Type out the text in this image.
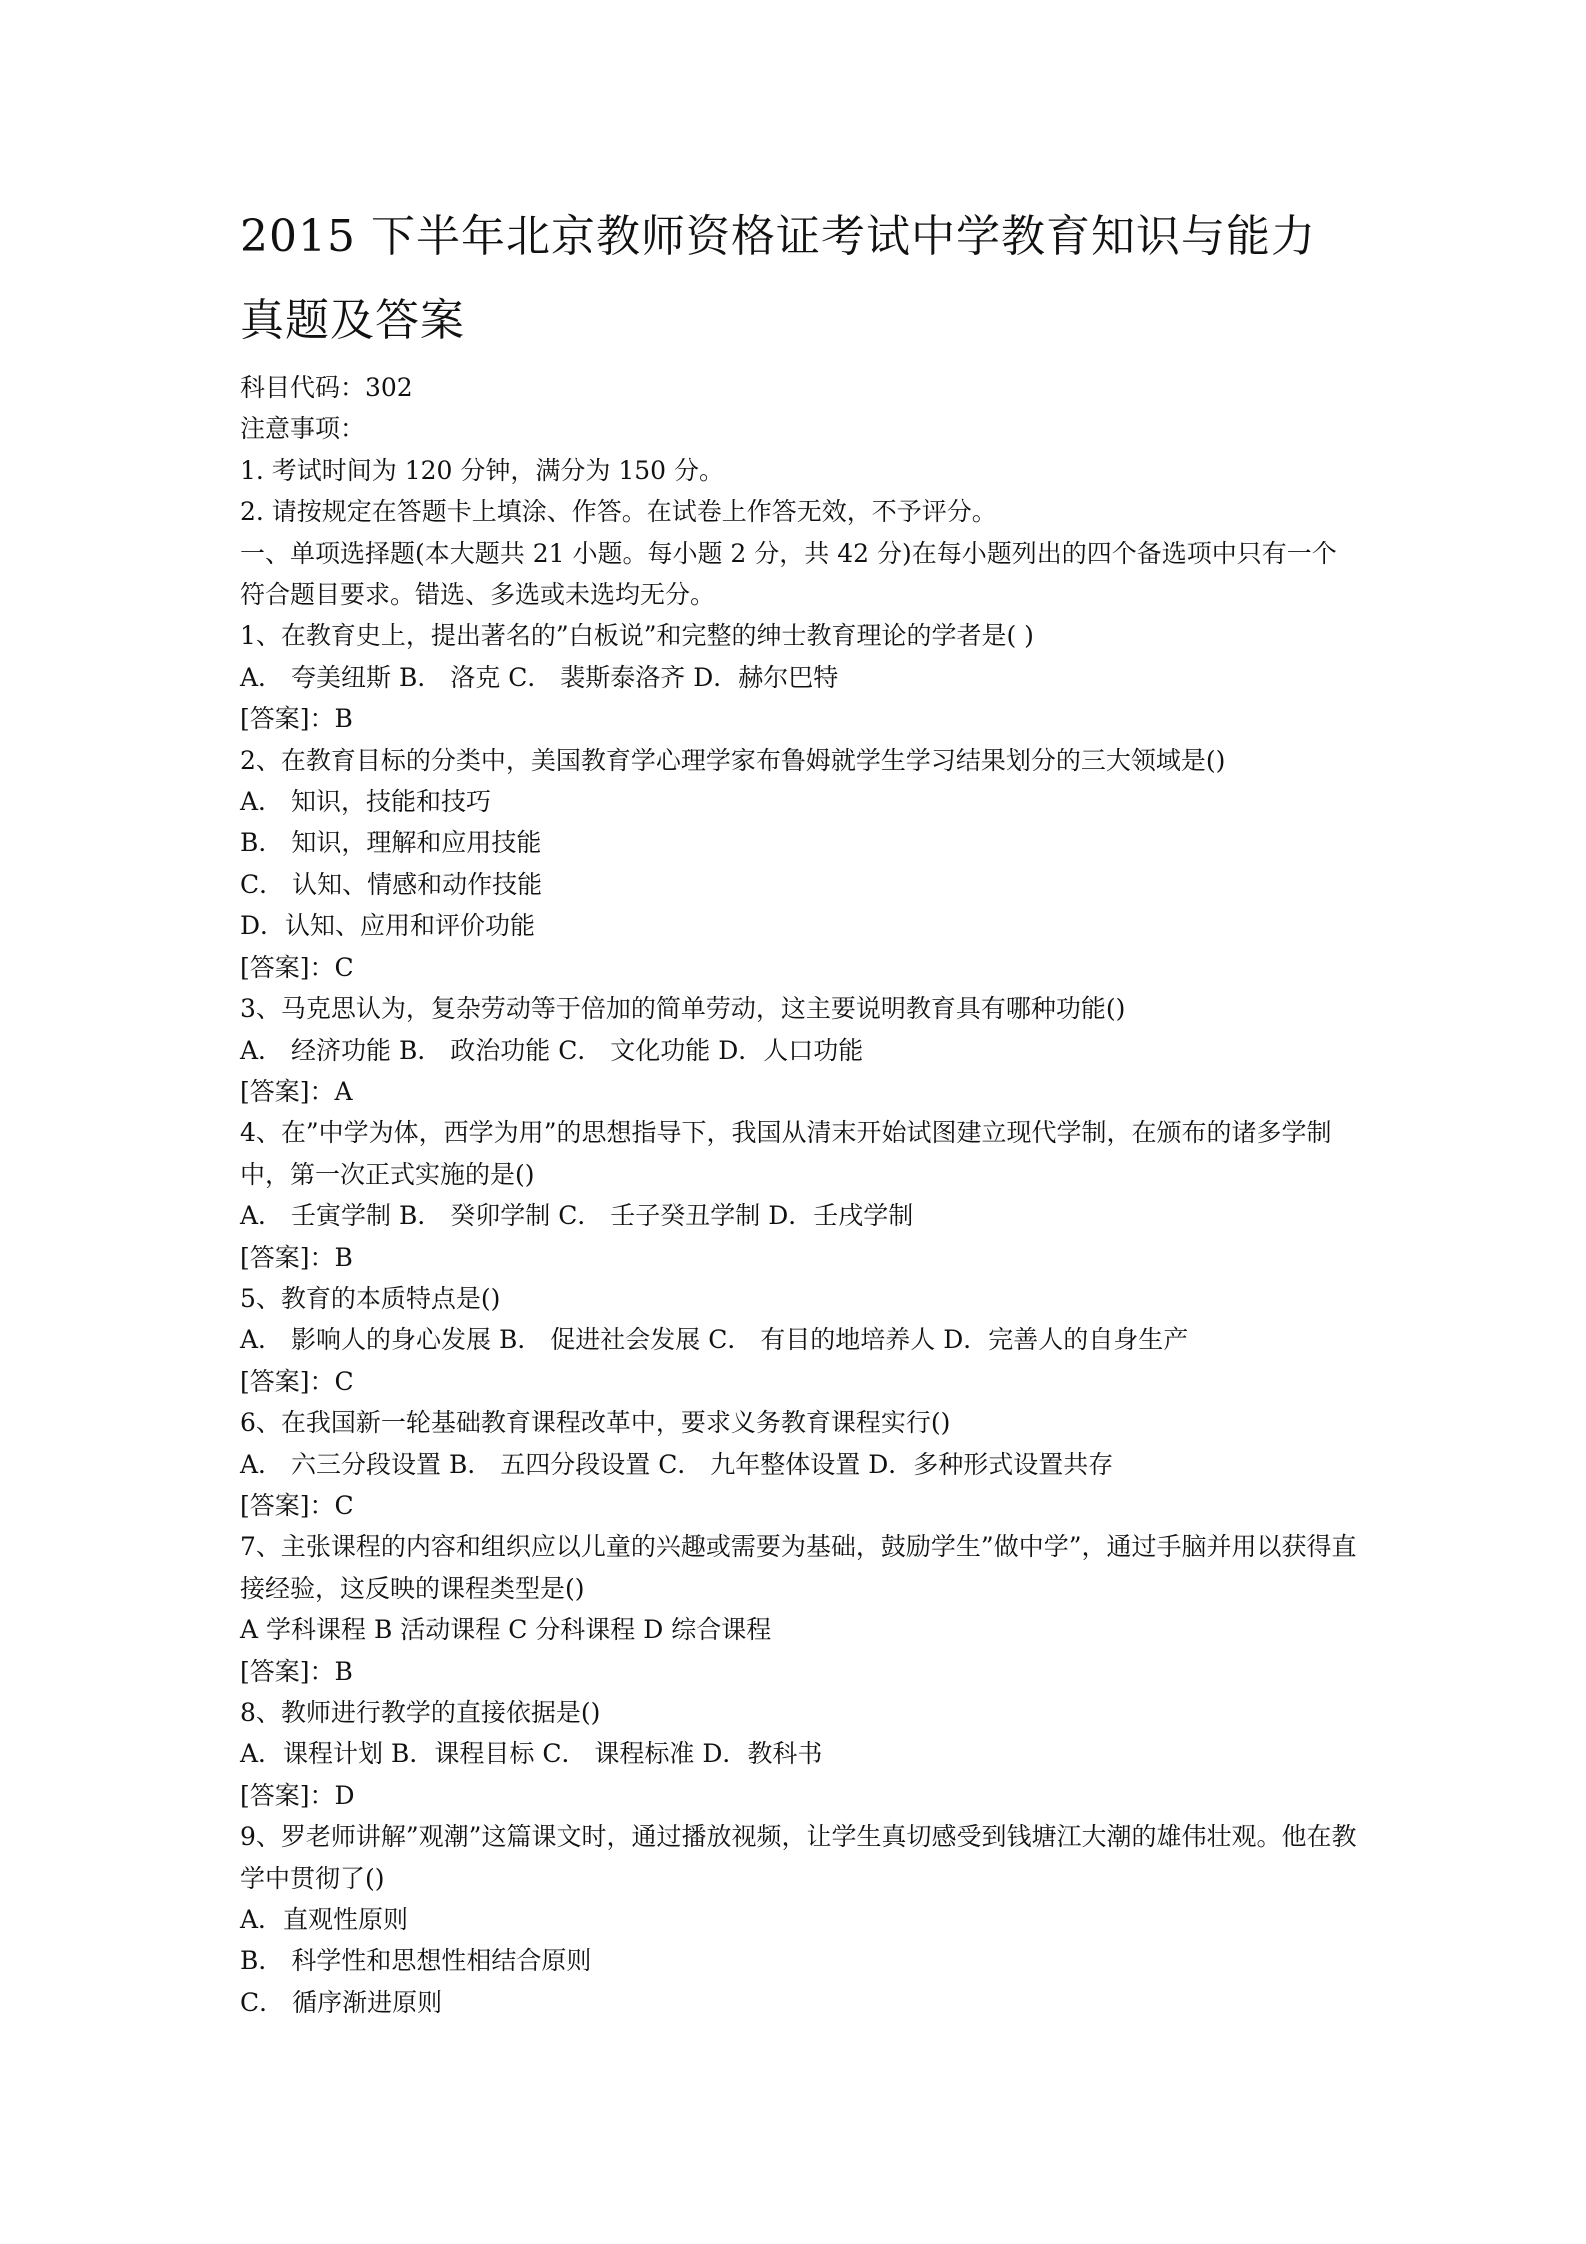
2015 下半年北京教师资格证考试中学教育知识与能力真题及答案

科目代码：302

注意事项：

1. 考试时间为 120 分钟，满分为 150 分。

2. 请按规定在答题卡上填涂、作答。在试卷上作答无效，不予评分。

一、单项选择题(本大题共 21 小题。每小题 2 分，共 42 分)在每小题列出的四个备选项中只有一个符合题目要求。错选、多选或未选均无分。

1、在教育史上，提出著名的”白板说”和完整的绅士教育理论的学者是( )

A． 夸美纽斯 B． 洛克 C． 裴斯泰洛齐 D．赫尔巴特

[答案]：B

2、在教育目标的分类中，美国教育学心理学家布鲁姆就学生学习结果划分的三大领域是()

A． 知识，技能和技巧

B． 知识，理解和应用技能

C． 认知、情感和动作技能

D．认知、应用和评价功能

[答案]：C

3、马克思认为，复杂劳动等于倍加的简单劳动，这主要说明教育具有哪种功能()

A． 经济功能 B． 政治功能 C． 文化功能 D．人口功能

[答案]：A

4、在”中学为体，西学为用”的思想指导下，我国从清末开始试图建立现代学制，在颁布的诸多学制中，第一次正式实施的是()

A． 壬寅学制 B． 癸卯学制 C． 壬子癸丑学制 D．壬戌学制

[答案]：B

5、教育的本质特点是()

A． 影响人的身心发展 B． 促进社会发展 C． 有目的地培养人 D．完善人的自身生产

[答案]：C

6、在我国新一轮基础教育课程改革中，要求义务教育课程实行()

A． 六三分段设置 B． 五四分段设置 C． 九年整体设置 D．多种形式设置共存

[答案]：C

7、主张课程的内容和组织应以儿童的兴趣或需要为基础，鼓励学生”做中学”，通过手脑并用以获得直接经验，这反映的课程类型是()

A 学科课程 B 活动课程 C 分科课程 D 综合课程

[答案]：B

8、教师进行教学的直接依据是()

A．课程计划 B．课程目标 C． 课程标准 D．教科书

[答案]：D

9、罗老师讲解”观潮”这篇课文时，通过播放视频，让学生真切感受到钱塘江大潮的雄伟壮观。他在教学中贯彻了()

A．直观性原则

B． 科学性和思想性相结合原则

C． 循序渐进原则
